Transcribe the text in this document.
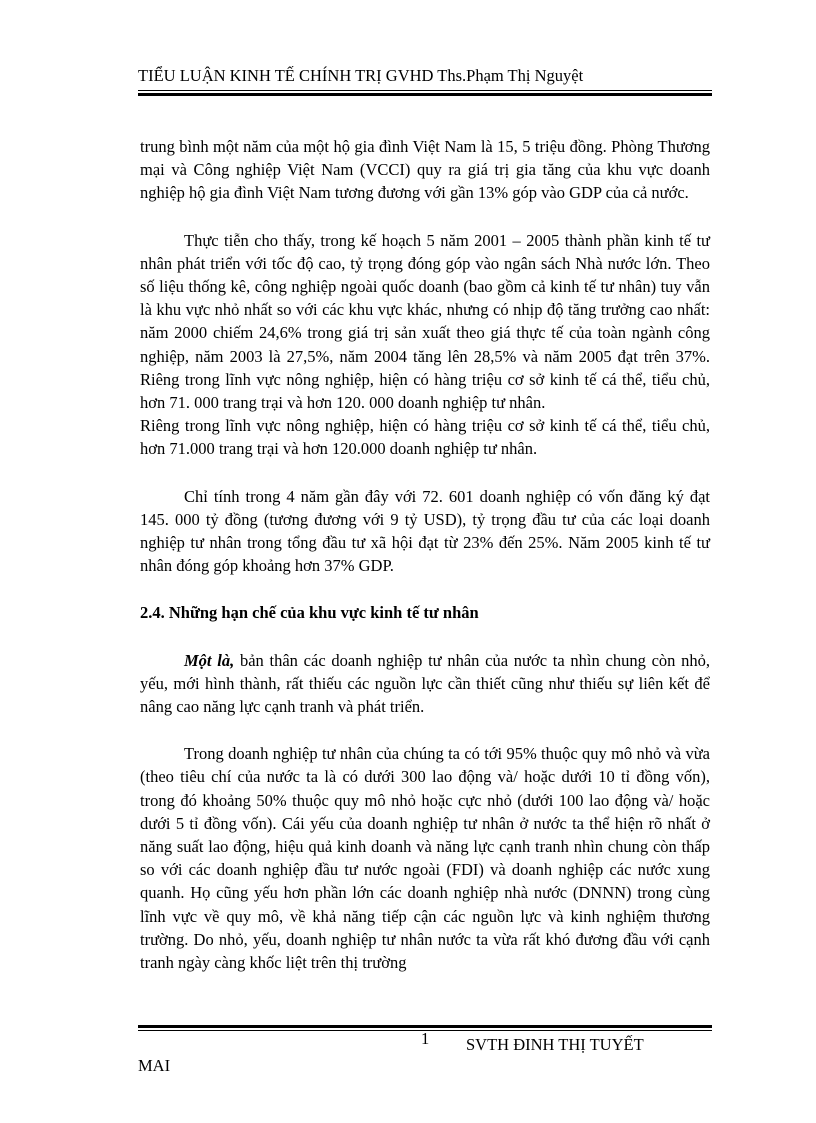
TIỂU LUẬN KINH TẾ CHÍNH TRỊ GVHD Ths.Phạm Thị Nguyệt

trung bình một năm của một hộ gia đình Việt Nam là 15, 5 triệu đồng. Phòng Thương mại và Công nghiệp Việt Nam (VCCI) quy ra giá trị gia tăng của khu vực doanh nghiệp hộ gia đình Việt Nam tương đương với gần 13% góp vào GDP của cả nước.

Thực tiễn cho thấy, trong kế hoạch 5 năm 2001 – 2005 thành phần kinh tế tư nhân phát triển với tốc độ cao, tỷ trọng đóng góp vào ngân sách Nhà nước lớn. Theo số liệu thống kê, công nghiệp ngoài quốc doanh (bao gồm cả kinh tế tư nhân) tuy vẫn là khu vực nhỏ nhất so với các khu vực khác, nhưng có nhịp độ tăng trưởng cao nhất: năm 2000 chiếm 24,6% trong giá trị sản xuất theo giá thực tế của toàn ngành công nghiệp, năm 2003 là 27,5%, năm 2004 tăng lên 28,5% và năm 2005 đạt trên 37%. Riêng trong lĩnh vực nông nghiệp, hiện có hàng triệu cơ sở kinh tế cá thể, tiểu chủ, hơn 71. 000 trang trại và hơn 120. 000 doanh nghiệp tư nhân.

Riêng trong lĩnh vực nông nghiệp, hiện có hàng triệu cơ sở kinh tế cá thể, tiểu chủ, hơn 71.000 trang trại và hơn 120.000 doanh nghiệp tư nhân.

Chỉ tính trong 4 năm gần đây với 72. 601 doanh nghiệp có vốn đăng ký đạt 145. 000 tỷ đồng (tương đương với 9 tỷ USD), tỷ trọng đầu tư của các loại doanh nghiệp tư nhân trong tổng đầu tư xã hội đạt từ 23% đến 25%. Năm 2005 kinh tế tư nhân đóng góp khoảng hơn 37% GDP.

2.4. Những hạn chế của khu vực kinh tế tư nhân

Một là, bản thân các doanh nghiệp tư nhân của nước ta nhìn chung còn nhỏ, yếu, mới hình thành, rất thiếu các nguồn lực cần thiết cũng như thiếu sự liên kết để nâng cao năng lực cạnh tranh và phát triển.

Trong doanh nghiệp tư nhân của chúng ta có tới 95% thuộc quy mô nhỏ và vừa (theo tiêu chí của nước ta là có dưới 300 lao động và/ hoặc dưới 10 tỉ đồng vốn), trong đó khoảng 50% thuộc quy mô nhỏ hoặc cực nhỏ (dưới 100 lao động và/ hoặc dưới 5 tỉ đồng vốn). Cái yếu của doanh nghiệp tư nhân ở nước ta thể hiện rõ nhất ở năng suất lao động, hiệu quả kinh doanh và năng lực cạnh tranh nhìn chung còn thấp so với các doanh nghiệp đầu tư nước ngoài (FDI) và doanh nghiệp các nước xung quanh. Họ cũng yếu hơn phần lớn các doanh nghiệp nhà nước (DNNN) trong cùng lĩnh vực về quy mô, về khả năng tiếp cận các nguồn lực và kinh nghiệm thương trường. Do nhỏ, yếu, doanh nghiệp tư nhân nước ta vừa rất khó đương đầu với cạnh tranh ngày càng khốc liệt trên thị trường

1 SVTH ĐINH THỊ TUYẾT
MAI
